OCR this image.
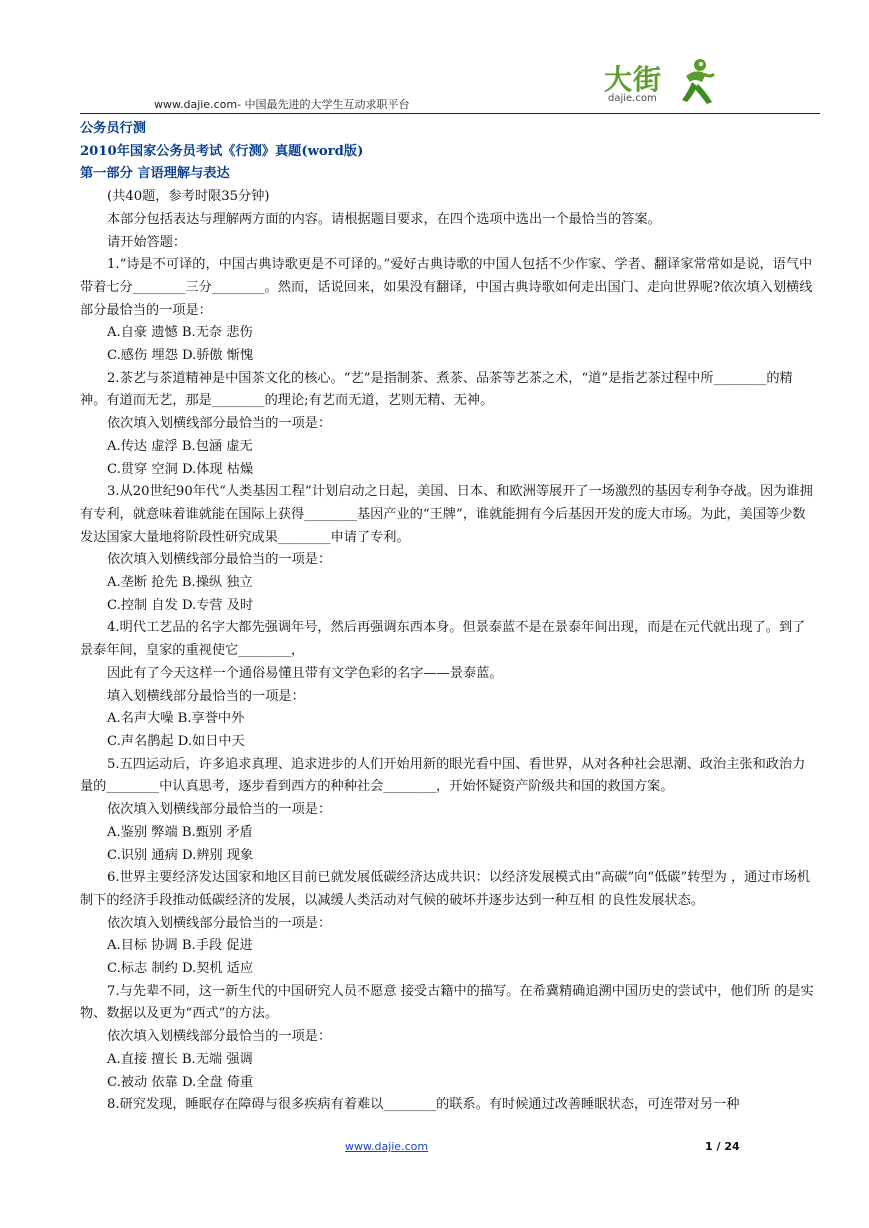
www.dajie.com- 中国最先进的大学生互动求职平台
大街
dajie.com

公务员行测

2010年国家公务员考试《行测》真题(word版)

第一部分 言语理解与表达

(共40题，参考时限35分钟)

本部分包括表达与理解两方面的内容。请根据题目要求，在四个选项中选出一个最恰当的答案。

请开始答题：

1.“诗是不可译的，中国古典诗歌更是不可译的。”爱好古典诗歌的中国人包括不少作家、学者、翻译家常常如是说，语气中带着七分________三分________。然而，话说回来，如果没有翻译，中国古典诗歌如何走出国门、走向世界呢?依次填入划横线部分最恰当的一项是：

A.自豪 遗憾 B.无奈 悲伤

C.感伤 埋怨 D.骄傲 惭愧

2.茶艺与茶道精神是中国茶文化的核心。“艺”是指制茶、煮茶、品茶等艺茶之术，“道”是指艺茶过程中所________的精神。有道而无艺，那是________的理论;有艺而无道，艺则无精、无神。

依次填入划横线部分最恰当的一项是：

A.传达 虚浮 B.包涵 虚无

C.贯穿 空洞 D.体现 枯燥

3.从20世纪90年代“人类基因工程”计划启动之日起，美国、日本、和欧洲等展开了一场激烈的基因专利争夺战。因为谁拥有专利，就意味着谁就能在国际上获得________基因产业的“王牌”，谁就能拥有今后基因开发的庞大市场。为此，美国等少数发达国家大量地将阶段性研究成果________申请了专利。

依次填入划横线部分最恰当的一项是：

A.垄断 抢先 B.操纵 独立

C.控制 自发 D.专营 及时

4.明代工艺品的名字大都先强调年号，然后再强调东西本身。但景泰蓝不是在景泰年间出现，而是在元代就出现了。到了景泰年间，皇家的重视使它________，

因此有了今天这样一个通俗易懂且带有文学色彩的名字——景泰蓝。

填入划横线部分最恰当的一项是：

A.名声大噪 B.享誉中外

C.声名鹊起 D.如日中天

5.五四运动后，许多追求真理、追求进步的人们开始用新的眼光看中国、看世界，从对各种社会思潮、政治主张和政治力量的________中认真思考，逐步看到西方的种种社会________，开始怀疑资产阶级共和国的救国方案。

依次填入划横线部分最恰当的一项是：

A.鉴别 弊端 B.甄别 矛盾

C.识别 通病 D.辨别 现象

6.世界主要经济发达国家和地区目前已就发展低碳经济达成共识：以经济发展模式由“高碳”向“低碳”转型为 ，通过市场机制下的经济手段推动低碳经济的发展，以减缓人类活动对气候的破坏并逐步达到一种互相 的良性发展状态。

依次填入划横线部分最恰当的一项是：

A.目标 协调 B.手段 促进

C.标志 制约 D.契机 适应

7.与先辈不同，这一新生代的中国研究人员不愿意 接受古籍中的描写。在希冀精确追溯中国历史的尝试中，他们所 的是实物、数据以及更为“西式”的方法。

依次填入划横线部分最恰当的一项是：

A.直接 擅长 B.无端 强调

C.被动 依靠 D.全盘 倚重

8.研究发现，睡眠存在障碍与很多疾病有着难以________的联系。有时候通过改善睡眠状态，可连带对另一种

www.dajie.com	1 / 24
